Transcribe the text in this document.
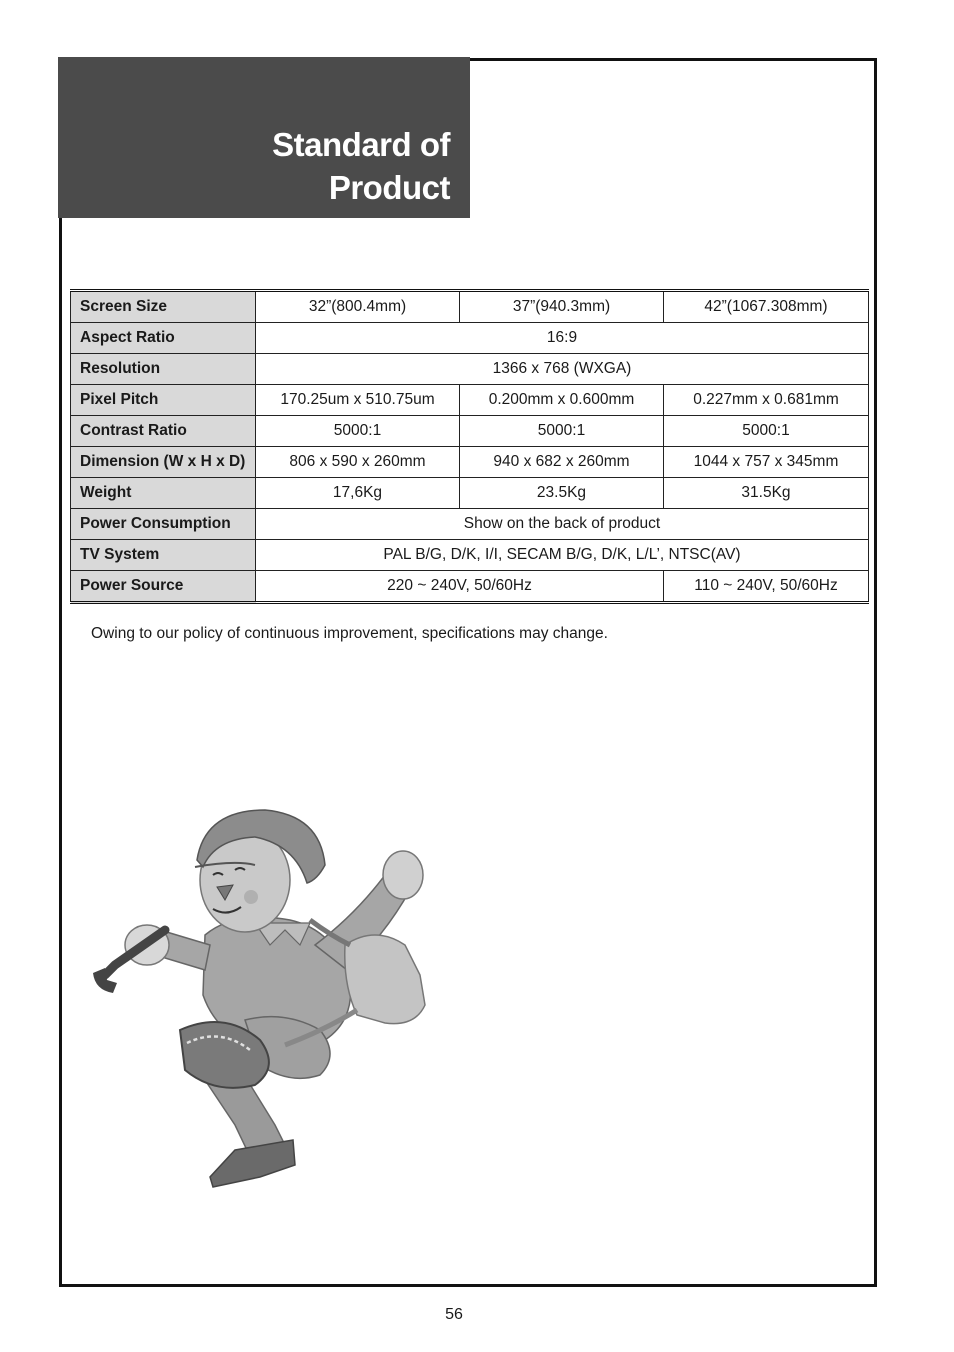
Standard of
Product
Screen Size	32”(800.4mm)	37”(940.3mm)	42”(1067.308mm)
Aspect Ratio	16:9		
Resolution	1366 x 768 (WXGA)		
Pixel Pitch	170.25um x 510.75um	0.200mm x 0.600mm	0.227mm x 0.681mm
Contrast Ratio	5000:1	5000:1	5000:1
Dimension (W x H x D)	806 x 590 x 260mm	940 x 682 x 260mm	1044 x 757 x 345mm
Weight	17,6Kg	23.5Kg	31.5Kg
Power Consumption	Show on the back of product		
TV System	PAL B/G, D/K, I/I, SECAM B/G, D/K, L/L’, NTSC(AV)		
Power Source	220 ~ 240V, 50/60Hz		110 ~ 240V, 50/60Hz
Owing to our policy of continuous improvement, specifications may change.
56
